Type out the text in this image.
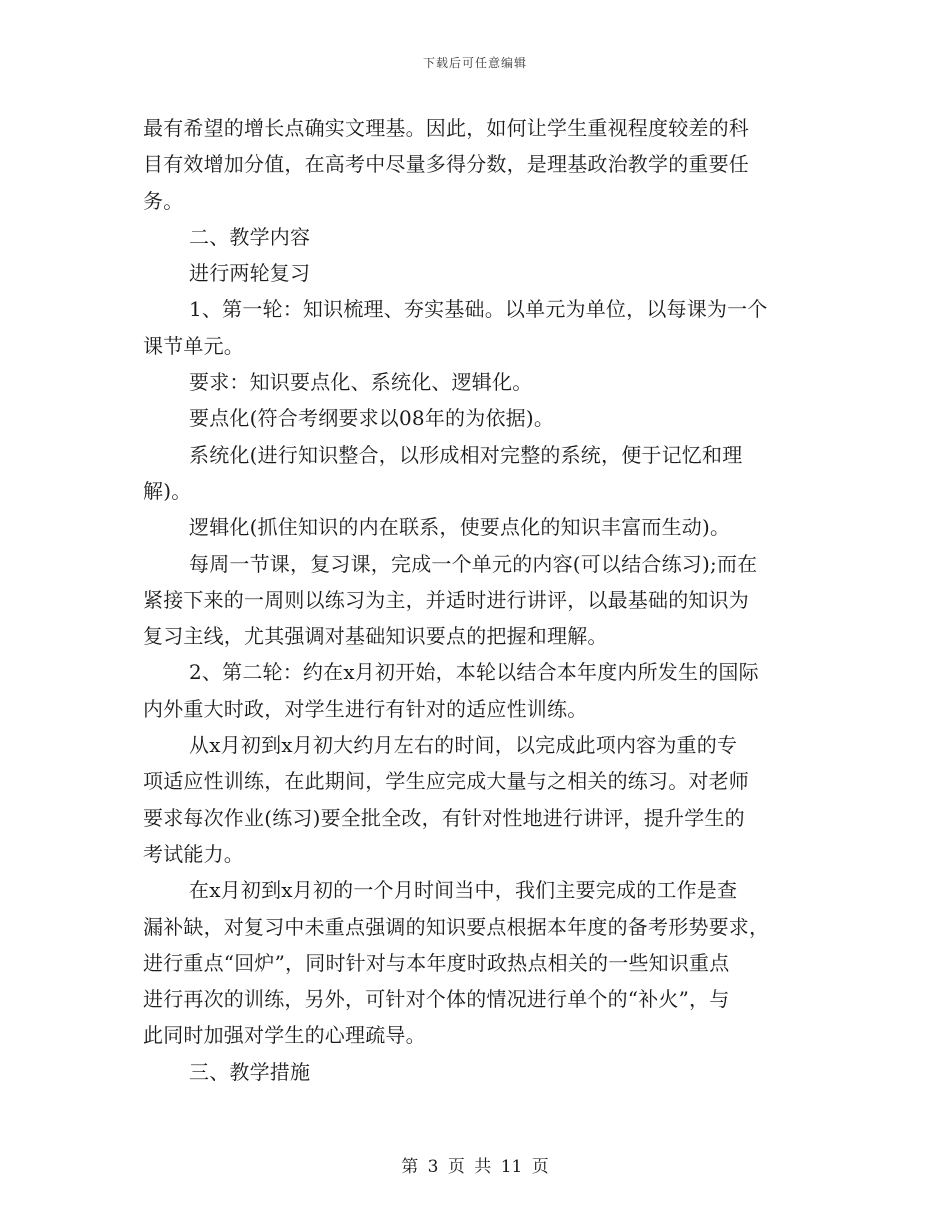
下载后可任意编辑
最有希望的增长点确实文理基。因此，如何让学生重视程度较差的科
目有效增加分值，在高考中尽量多得分数，是理基政治教学的重要任
务。
二、教学内容
进行两轮复习
1、第一轮：知识梳理、夯实基础。以单元为单位，以每课为一个
课节单元。
要求：知识要点化、系统化、逻辑化。
要点化(符合考纲要求以08年的为依据)。
系统化(进行知识整合，以形成相对完整的系统，便于记忆和理
解)。
逻辑化(抓住知识的内在联系，使要点化的知识丰富而生动)。
每周一节课，复习课，完成一个单元的内容(可以结合练习);而在
紧接下来的一周则以练习为主，并适时进行讲评，以最基础的知识为
复习主线，尤其强调对基础知识要点的把握和理解。
2、第二轮：约在x月初开始，本轮以结合本年度内所发生的国际
内外重大时政，对学生进行有针对的适应性训练。
从x月初到x月初大约月左右的时间，以完成此项内容为重的专
项适应性训练，在此期间，学生应完成大量与之相关的练习。对老师
要求每次作业(练习)要全批全改，有针对性地进行讲评，提升学生的
考试能力。
在x月初到x月初的一个月时间当中，我们主要完成的工作是查
漏补缺，对复习中未重点强调的知识要点根据本年度的备考形势要求，
进行重点“回炉”，同时针对与本年度时政热点相关的一些知识重点
进行再次的训练，另外，可针对个体的情况进行单个的“补火”，与
此同时加强对学生的心理疏导。
三、教学措施
第 3 页 共 11 页
